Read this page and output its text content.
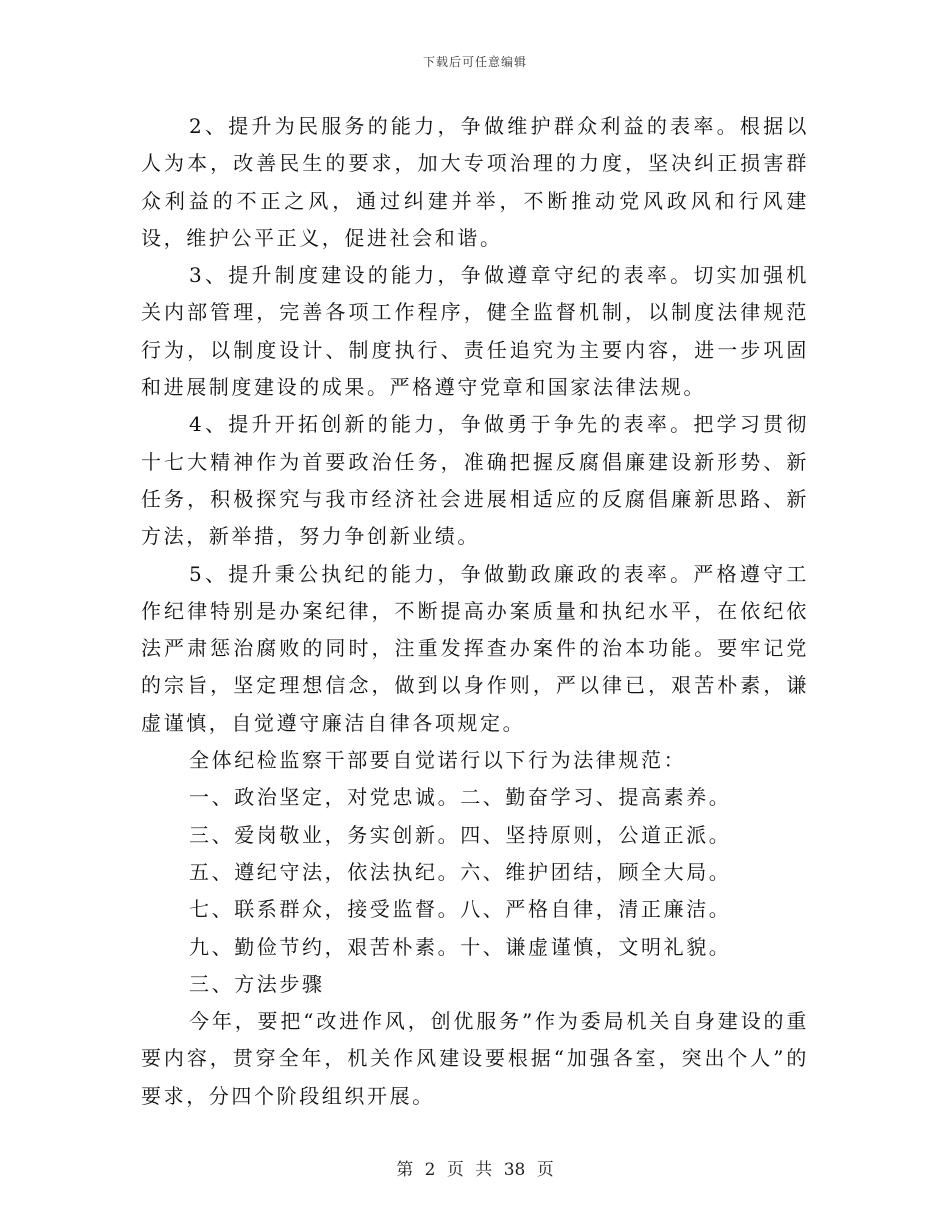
下载后可任意编辑

2、提升为民服务的能力，争做维护群众利益的表率。根据以人为本，改善民生的要求，加大专项治理的力度，坚决纠正损害群众利益的不正之风，通过纠建并举，不断推动党风政风和行风建设，维护公平正义，促进社会和谐。

3、提升制度建设的能力，争做遵章守纪的表率。切实加强机关内部管理，完善各项工作程序，健全监督机制，以制度法律规范行为，以制度设计、制度执行、责任追究为主要内容，进一步巩固和进展制度建设的成果。严格遵守党章和国家法律法规。

4、提升开拓创新的能力，争做勇于争先的表率。把学习贯彻十七大精神作为首要政治任务，准确把握反腐倡廉建设新形势、新任务，积极探究与我市经济社会进展相适应的反腐倡廉新思路、新方法，新举措，努力争创新业绩。

5、提升秉公执纪的能力，争做勤政廉政的表率。严格遵守工作纪律特别是办案纪律，不断提高办案质量和执纪水平，在依纪依法严肃惩治腐败的同时，注重发挥查办案件的治本功能。要牢记党的宗旨，坚定理想信念，做到以身作则，严以律已，艰苦朴素，谦虚谨慎，自觉遵守廉洁自律各项规定。

全体纪检监察干部要自觉诺行以下行为法律规范：

一、政治坚定，对党忠诚。二、勤奋学习、提高素养。

三、爱岗敬业，务实创新。四、坚持原则，公道正派。

五、遵纪守法，依法执纪。六、维护团结，顾全大局。

七、联系群众，接受监督。八、严格自律，清正廉洁。

九、勤俭节约，艰苦朴素。十、谦虚谨慎，文明礼貌。

三、方法步骤

今年，要把“改进作风，创优服务”作为委局机关自身建设的重要内容，贯穿全年，机关作风建设要根据“加强各室，突出个人”的要求，分四个阶段组织开展。

第 2 页 共 38 页
